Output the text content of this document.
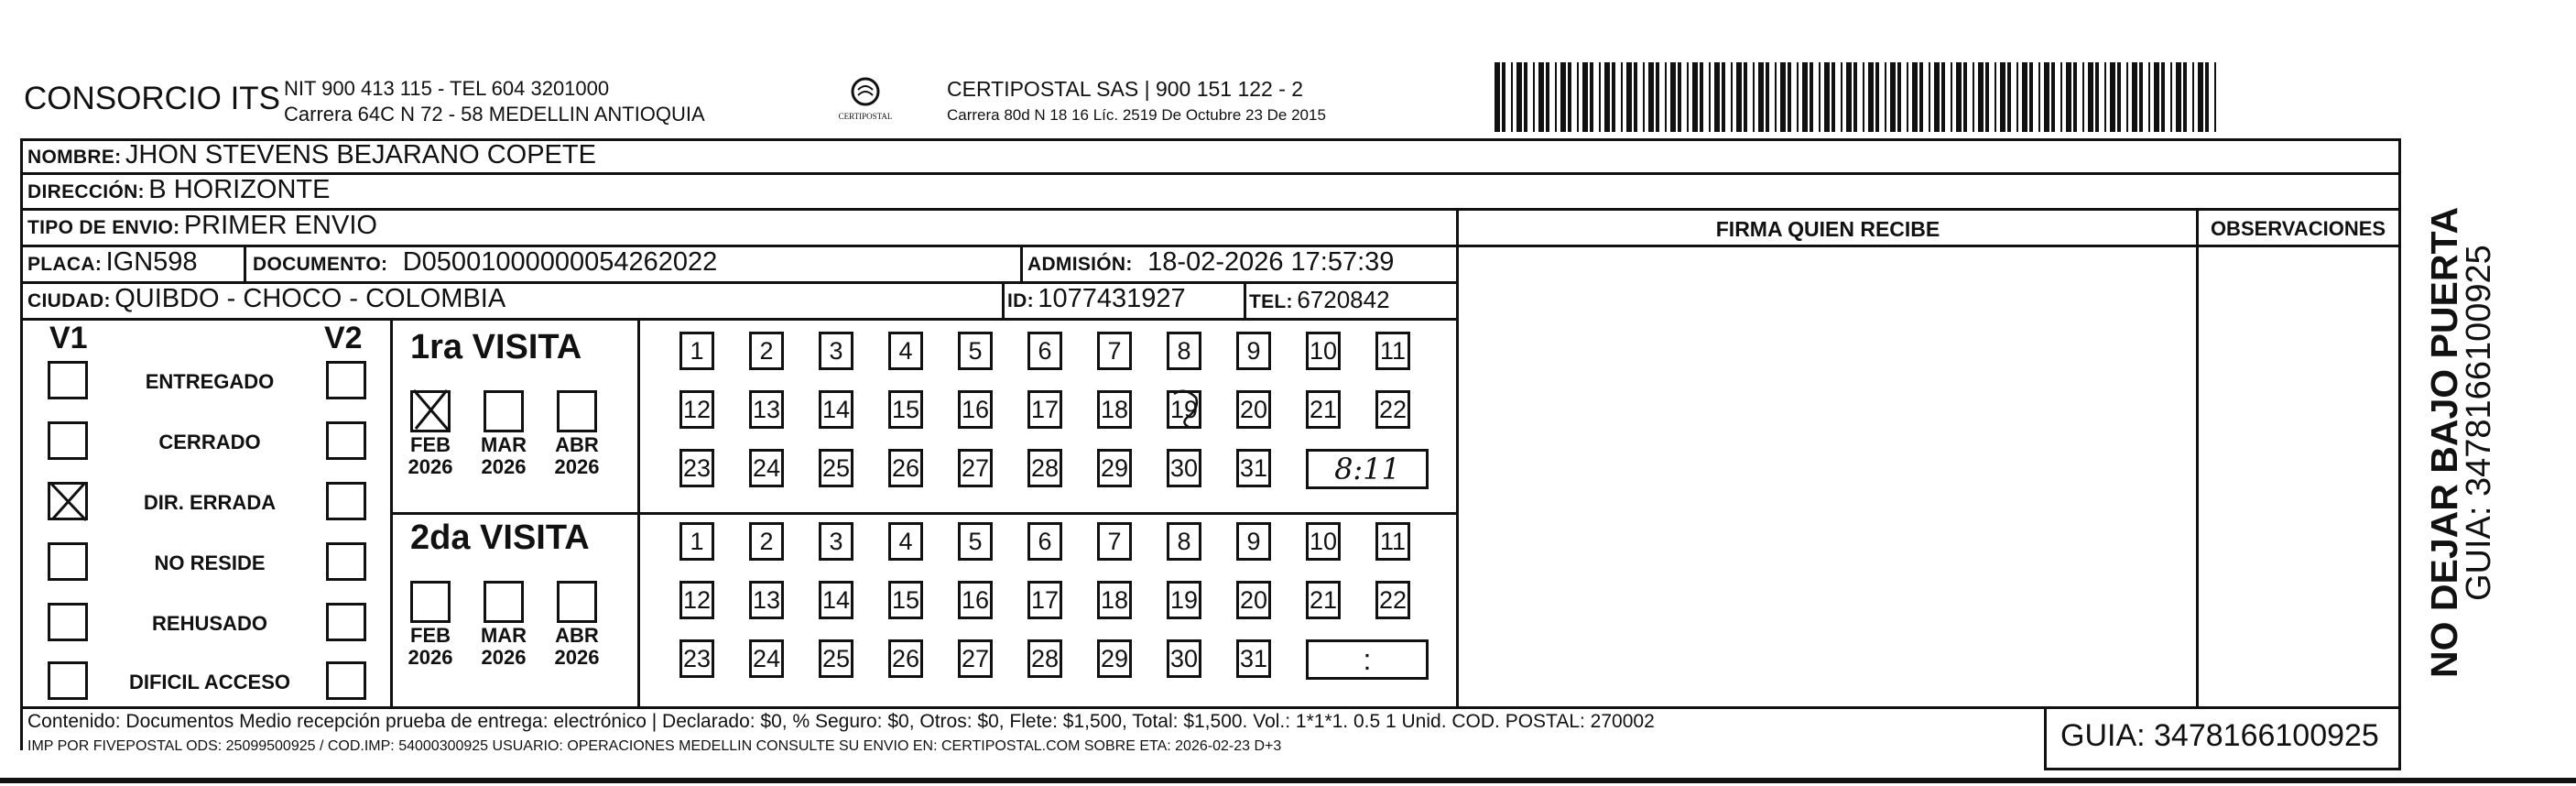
CONSORCIO ITS NIT 900 413 115 - TEL 604 3201000
Carrera 64C N 72 - 58 MEDELLIN ANTIOQUIA	CERTIPOSTAL
CERTIPOSTAL SAS | 900 151 122 - 2
Carrera 80d N 18 16 Líc. 2519 De Octubre 23 De 2015
NOMBRE: JHON STEVENS BEJARANO COPETE
DIRECCIÓN: B HORIZONTE
TIPO DE ENVIO: PRIMER ENVIO	FIRMA QUIEN RECIBE	OBSERVACIONES
PLACA: IGN598	DOCUMENTO: D05001000000054262022	ADMISIÓN: 18-02-2026 17:57:39
CIUDAD: QUIBDO - CHOCO - COLOMBIA	ID: 1077431927	TEL: 6720842
V1	V2
ENTREGADO
CERRADO
DIR. ERRADA
NO RESIDE
REHUSADO
DIFICIL ACCESO
1ra VISITA
2da VISITA
FEB
2026
MAR
2026
ABR
2026
FEB
2026
MAR
2026
ABR
2026
1	2	3	4	5	6	7	8	9	10 11
12 13 14 15 16 17 18 19 20 21 22
23 24 25 26 27 28 29 30 31	8:11
1	2	3	4	5	6	7	8	9	10 11
12 13 14 15 16 17 18 19 20 21 22
23 24 25 26 27 28 29 30 31	:
Contenido: Documentos Medio recepción prueba de entrega: electrónico | Declarado: $0, % Seguro: $0, Otros: $0, Flete: $1,500, Total: $1,500. Vol.: 1*1*1. 0.5 1 Unid. COD. POSTAL: 270002
IMP POR FIVEPOSTAL ODS: 25099500925 / COD.IMP: 54000300925 USUARIO: OPERACIONES MEDELLIN CONSULTE SU ENVIO EN: CERTIPOSTAL.COM SOBRE ETA: 2026-02-23 D+3	GUIA: 3478166100925
NO DEJAR BAJO PUERTA
GUIA: 3478166100925
